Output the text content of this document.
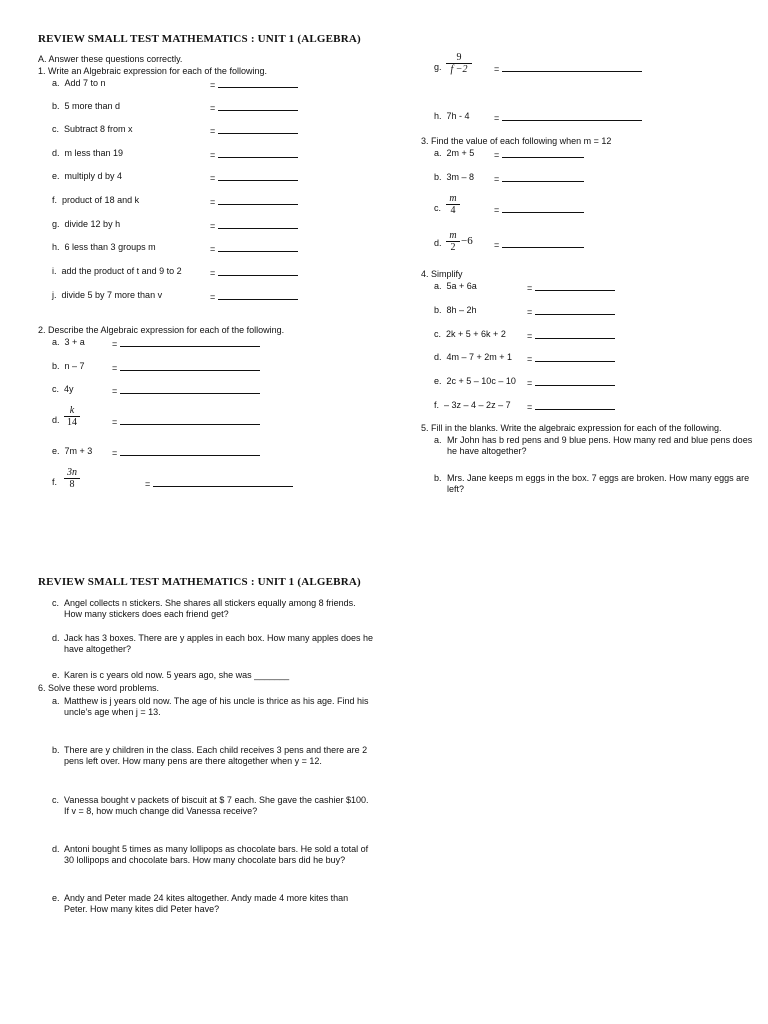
REVIEW SMALL TEST MATHEMATICS : UNIT 1 (ALGEBRA)
A. Answer these questions correctly.
1. Write an Algebraic expression for each of the following.
a. Add 7 to n	=
b. 5 more than d	=
c. Subtract 8 from x	=
d. m less than 19	=
e. multiply d by 4	=
f. product of 18 and k	=
g. divide 12 by h	=
h. 6 less than 3 groups m	=
i. add the product of t and 9 to 2	=
j. divide 5 by 7 more than v	=
2. Describe the Algebraic expression for each of the following.
a. 3 + a	=
b. n – 7	=
c. 4y	=
d.
k
14	=
e. 7m + 3 =
f.
3n
8	=
g.
9
f −2	=
h. 7h - 4	=
3. Find the value of each following when m = 12
a. 2m + 5 =
b. 3m – 8 =
c.
m
4	=
d.
m
2
−6 =
4. Simplify
a. 5a + 6a	=
b. 8h – 2h	=
c. 2k + 5 + 6k + 2 =
d. 4m – 7 + 2m + 1 =
e. 2c + 5 – 10c – 10 =
f. – 3z – 4 – 2z – 7 =
5. Fill in the blanks. Write the algebraic expression for each of the following.
a. Mr John has b red pens and 9 blue pens. How many red and blue pens does he have altogether?
b. Mrs. Jane keeps m eggs in the box. 7 eggs are broken. How many eggs are left?
REVIEW SMALL TEST MATHEMATICS : UNIT 1 (ALGEBRA)
c. Angel collects n stickers. She shares all stickers equally among 8 friends. How many stickers does each friend get?
d. Jack has 3 boxes. There are y apples in each box. How many apples does he have altogether?
e. Karen is c years old now. 5 years ago, she was _______
6. Solve these word problems.
a. Matthew is j years old now. The age of his uncle is thrice as his age. Find his uncle’s age when j = 13.
b. There are y children in the class. Each child receives 3 pens and there are 2 pens left over. How many pens are there altogether when y = 12.
c. Vanessa bought v packets of biscuit at $ 7 each. She gave the cashier $100. If v = 8, how much change did Vanessa receive?
d. Antoni bought 5 times as many lollipops as chocolate bars. He sold a total of 30 lollipops and chocolate bars. How many chocolate bars did he buy?
e. Andy and Peter made 24 kites altogether. Andy made 4 more kites than Peter. How many kites did Peter have?
